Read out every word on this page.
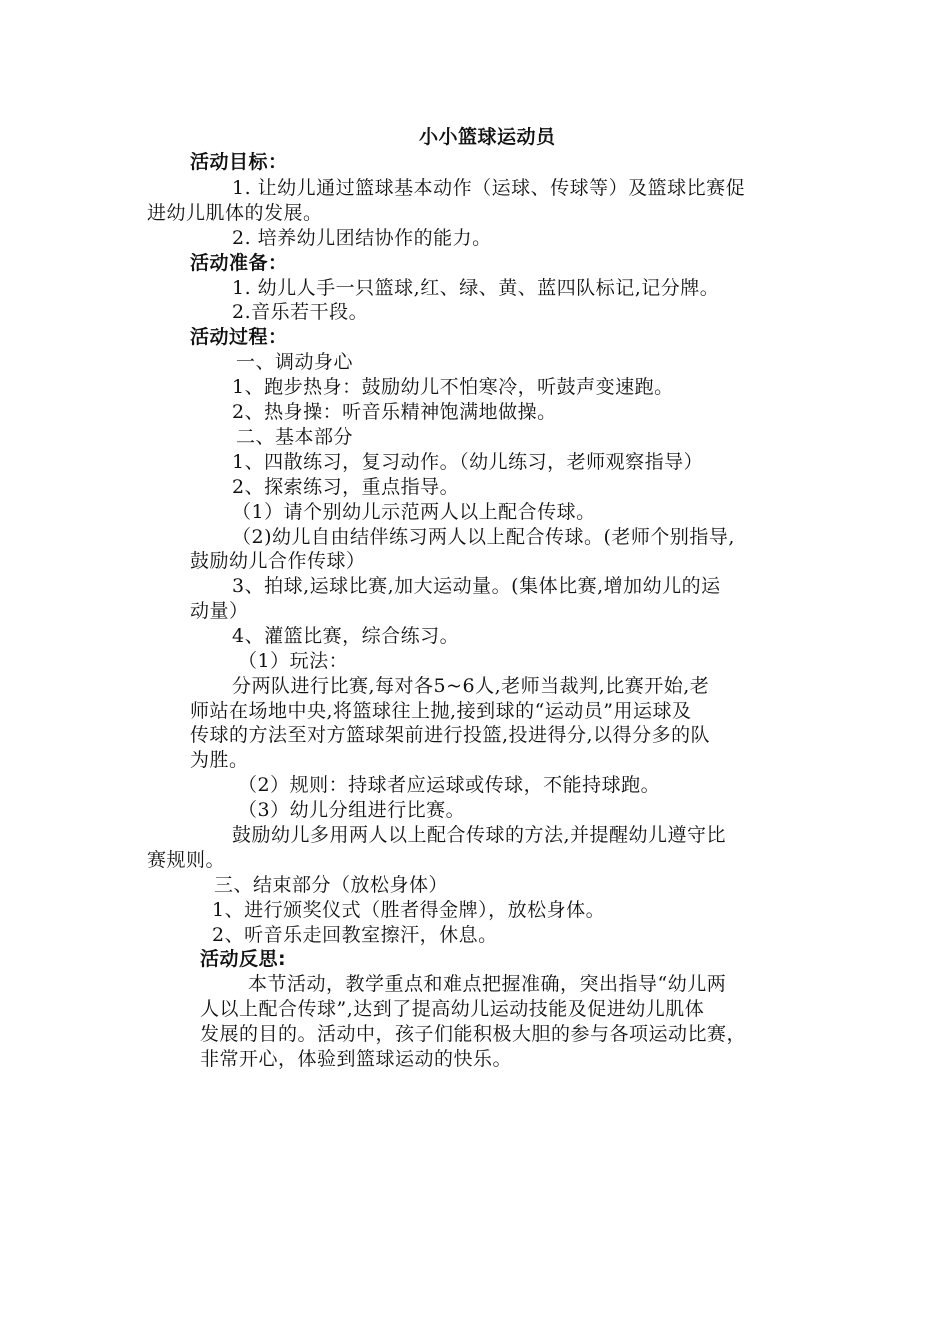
小小篮球运动员
活动目标：
1. 让幼儿通过篮球基本动作（运球、传球等）及篮球比赛促
进幼儿肌体的发展。
2. 培养幼儿团结协作的能力。
活动准备：
1. 幼儿人手一只篮球,红、绿、黄、蓝四队标记,记分牌。
2.音乐若干段。
活动过程：
一、调动身心
1、跑步热身：鼓励幼儿不怕寒冷，听鼓声变速跑。
2、热身操：听音乐精神饱满地做操。
二、基本部分
1、四散练习，复习动作。（幼儿练习，老师观察指导）
2、探索练习，重点指导。
（1）请个别幼儿示范两人以上配合传球。
（2)幼儿自由结伴练习两人以上配合传球。(老师个别指导,
鼓励幼儿合作传球）
3、拍球,运球比赛,加大运动量。(集体比赛,增加幼儿的运
动量）
4、灌篮比赛，综合练习。
（1）玩法：
分两队进行比赛,每对各5~6人,老师当裁判,比赛开始,老
师站在场地中央,将篮球往上抛,接到球的“运动员”用运球及
传球的方法至对方篮球架前进行投篮,投进得分,以得分多的队
为胜。
（2）规则：持球者应运球或传球，不能持球跑。
（3）幼儿分组进行比赛。
鼓励幼儿多用两人以上配合传球的方法,并提醒幼儿遵守比
赛规则。
三、结束部分（放松身体）
1、进行颁奖仪式（胜者得金牌），放松身体。
2、听音乐走回教室擦汗，休息。
活动反思:
本节活动，教学重点和难点把握准确，突出指导“幼儿两
人以上配合传球”,达到了提高幼儿运动技能及促进幼儿肌体
发展的目的。活动中，孩子们能积极大胆的参与各项运动比赛，
非常开心，体验到篮球运动的快乐。
